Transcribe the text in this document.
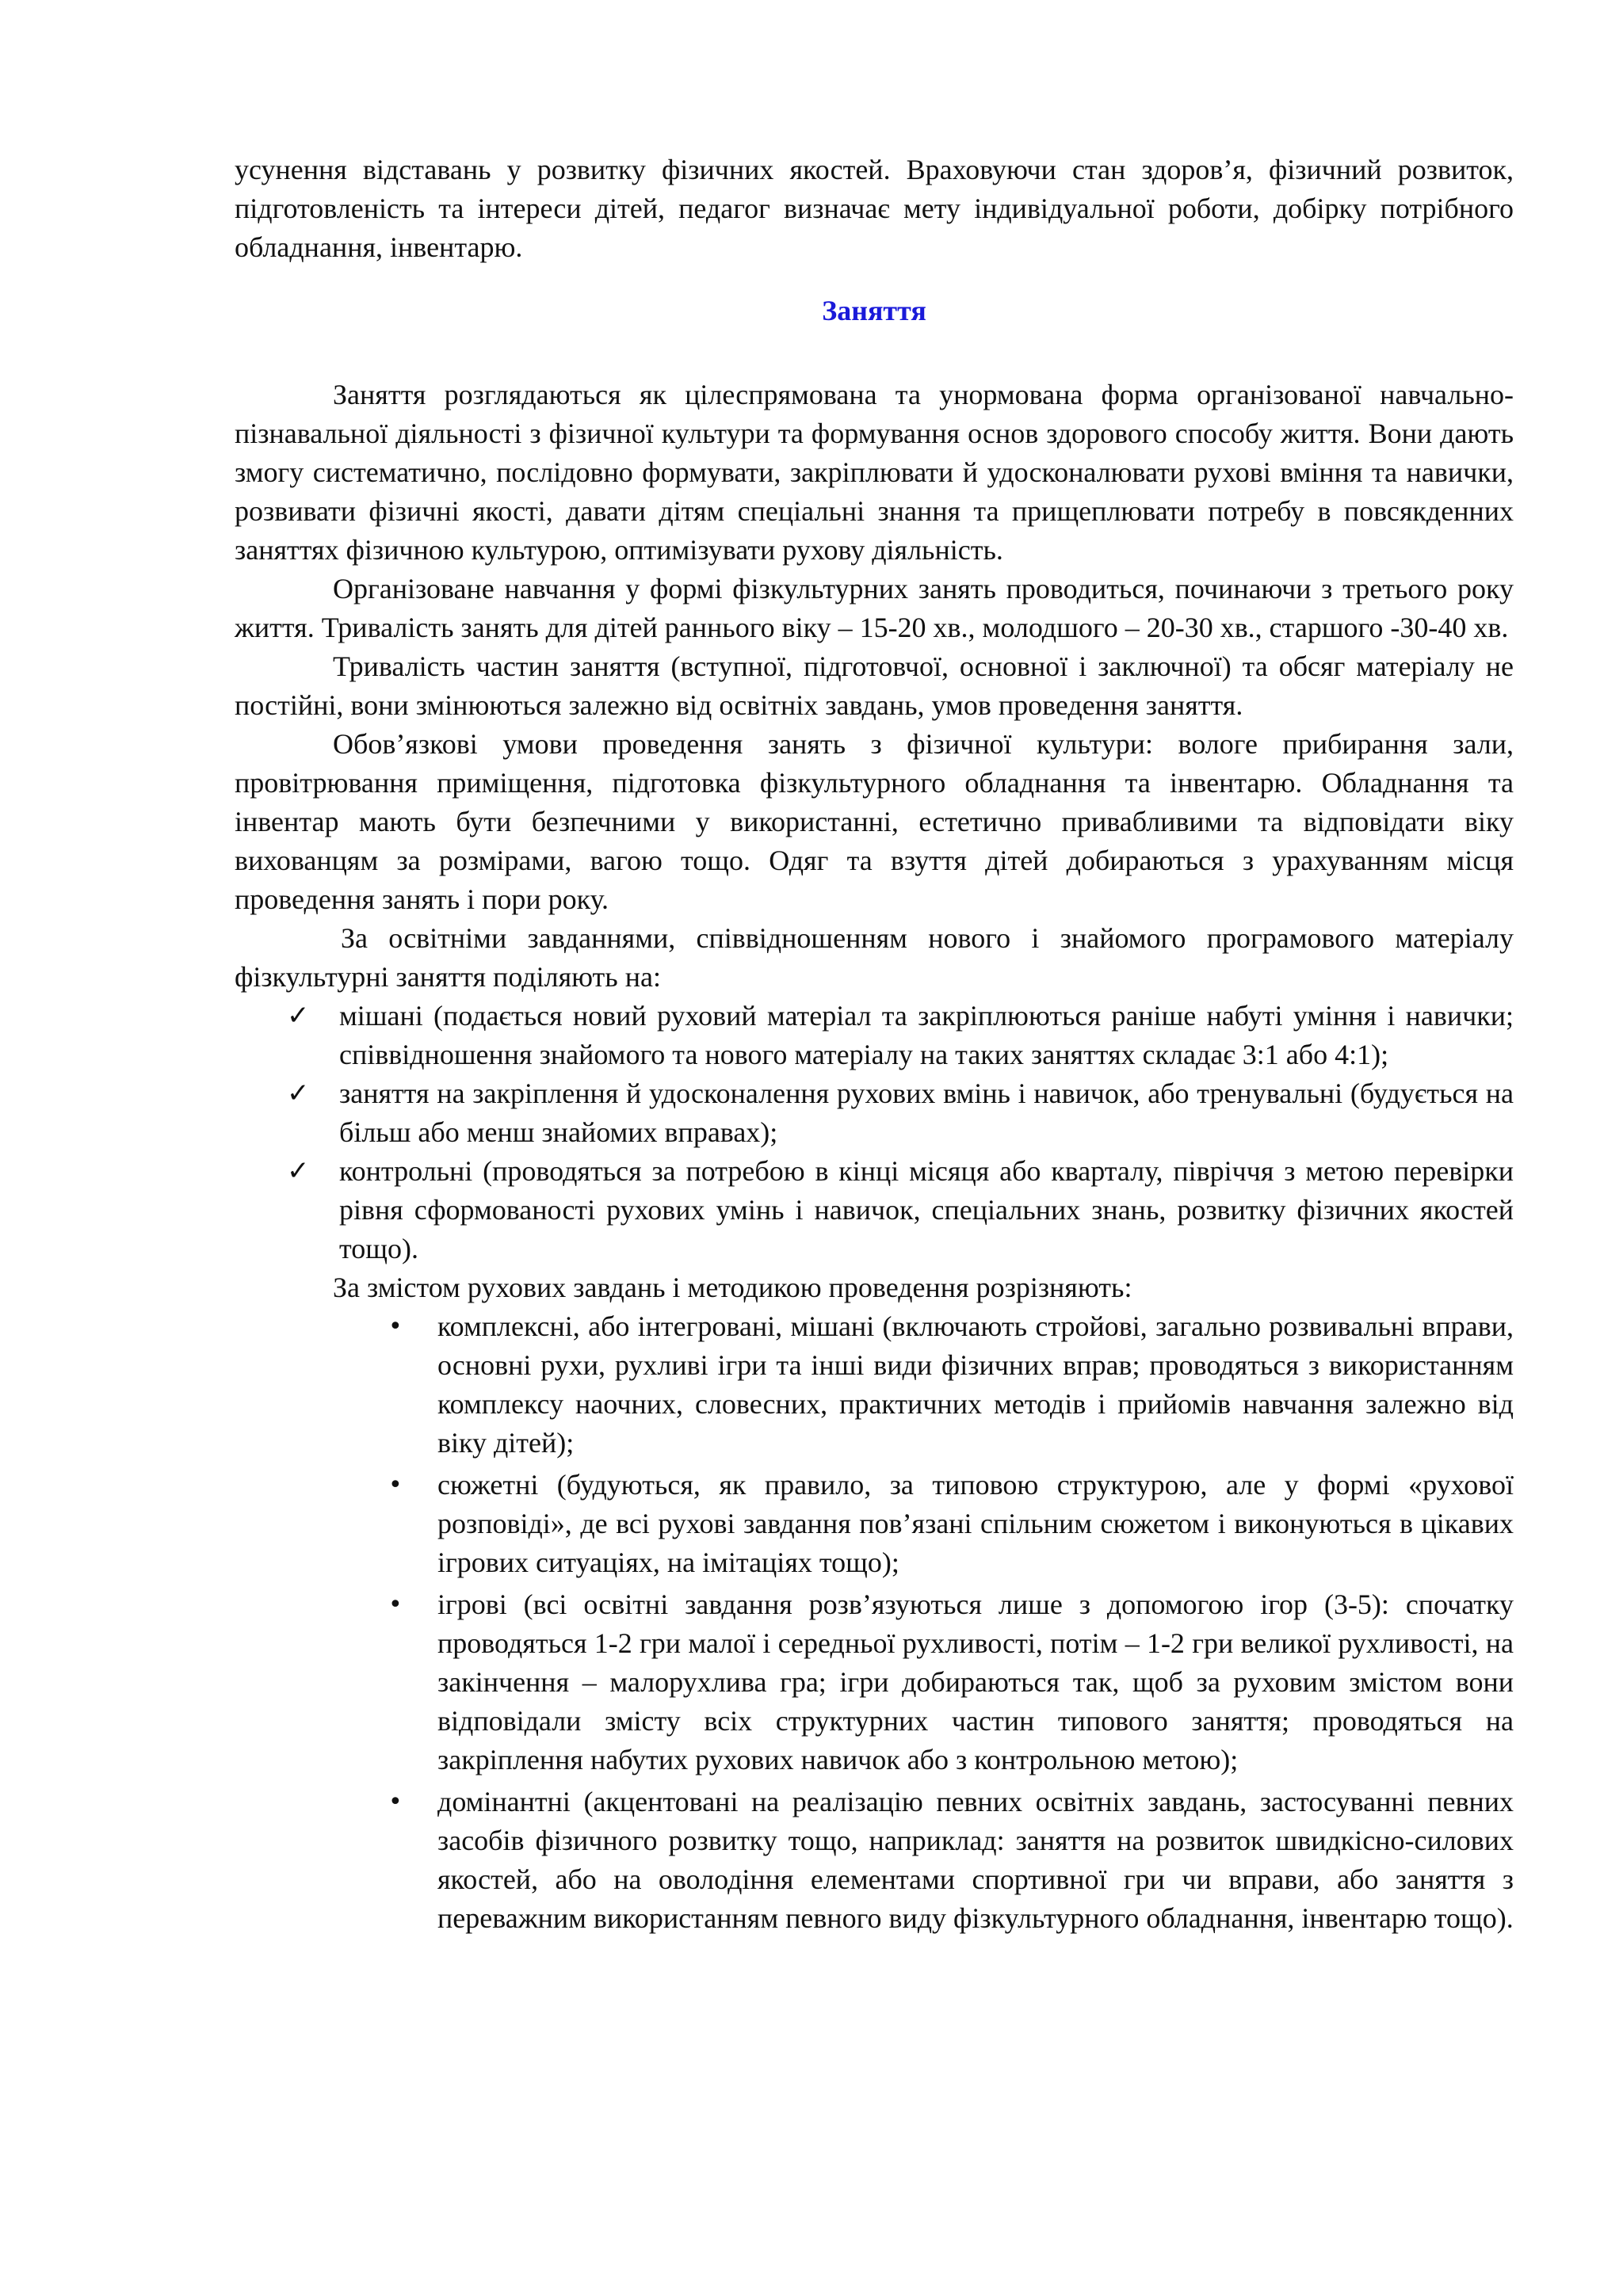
усунення відставань у розвитку фізичних якостей. Враховуючи стан здоров’я, фізичний розвиток, підготовленість та інтереси дітей, педагог визначає мету індивідуальної роботи, добірку потрібного обладнання, інвентарю.

Заняття

Заняття розглядаються як цілеспрямована та унормована форма організованої навчально-пізнавальної діяльності з фізичної культури та формування основ здорового способу життя. Вони дають змогу систематично, послідовно формувати, закріплювати й удосконалювати рухові вміння та навички, розвивати фізичні якості, давати дітям спеціальні знання та прищеплювати потребу в повсякденних заняттях фізичною культурою, оптимізувати рухову діяльність.

Організоване навчання у формі фізкультурних занять проводиться, починаючи з третього року життя. Тривалість занять для дітей раннього віку – 15-20 хв., молодшого – 20-30 хв., старшого -30-40 хв.

Тривалість частин заняття (вступної, підготовчої, основної і заключної) та обсяг матеріалу не постійні, вони змінюються залежно від освітніх завдань, умов проведення заняття.

Обов’язкові умови проведення занять з фізичної культури: вологе прибирання зали, провітрювання приміщення, підготовка фізкультурного обладнання та інвентарю. Обладнання та інвентар мають бути безпечними у використанні, естетично привабливими та відповідати віку вихованцям за розмірами, вагою тощо. Одяг та взуття дітей добираються з урахуванням місця проведення занять і пори року.

За освітніми завданнями, співвідношенням нового і знайомого програмового матеріалу фізкультурні заняття поділяють на:

✓ мішані (подається новий руховий матеріал та закріплюються раніше набуті уміння і навички; співвідношення знайомого та нового матеріалу на таких заняттях складає 3:1 або 4:1);
✓ заняття на закріплення й удосконалення рухових вмінь і навичок, або тренувальні (будується на більш або менш знайомих вправах);
✓ контрольні (проводяться за потребою в кінці місяця або кварталу, півріччя з метою перевірки рівня сформованості рухових умінь і навичок, спеціальних знань, розвитку фізичних якостей тощо).

За змістом рухових завдань і методикою проведення розрізняють:

• комплексні, або інтегровані, мішані (включають стройові, загально розвивальні вправи, основні рухи, рухливі ігри та інші види фізичних вправ; проводяться з використанням комплексу наочних, словесних, практичних методів і прийомів навчання залежно від віку дітей);
• сюжетні (будуються, як правило, за типовою структурою, але у формі «рухової розповіді», де всі рухові завдання пов’язані спільним сюжетом і виконуються в цікавих ігрових ситуаціях, на імітаціях тощо);
• ігрові (всі освітні завдання розв’язуються лише з допомогою ігор (3-5): спочатку проводяться 1-2 гри малої і середньої рухливості, потім – 1-2 гри великої рухливості, на закінчення – малорухлива гра; ігри добираються так, щоб за руховим змістом вони відповідали змісту всіх структурних частин типового заняття; проводяться на закріплення набутих рухових навичок або з контрольною метою);
• домінантні (акцентовані на реалізацію певних освітніх завдань, застосуванні певних засобів фізичного розвитку тощо, наприклад: заняття на розвиток швидкісно-силових якостей, або на оволодіння елементами спортивної гри чи вправи, або заняття з переважним використанням певного виду фізкультурного обладнання, інвентарю тощо).
